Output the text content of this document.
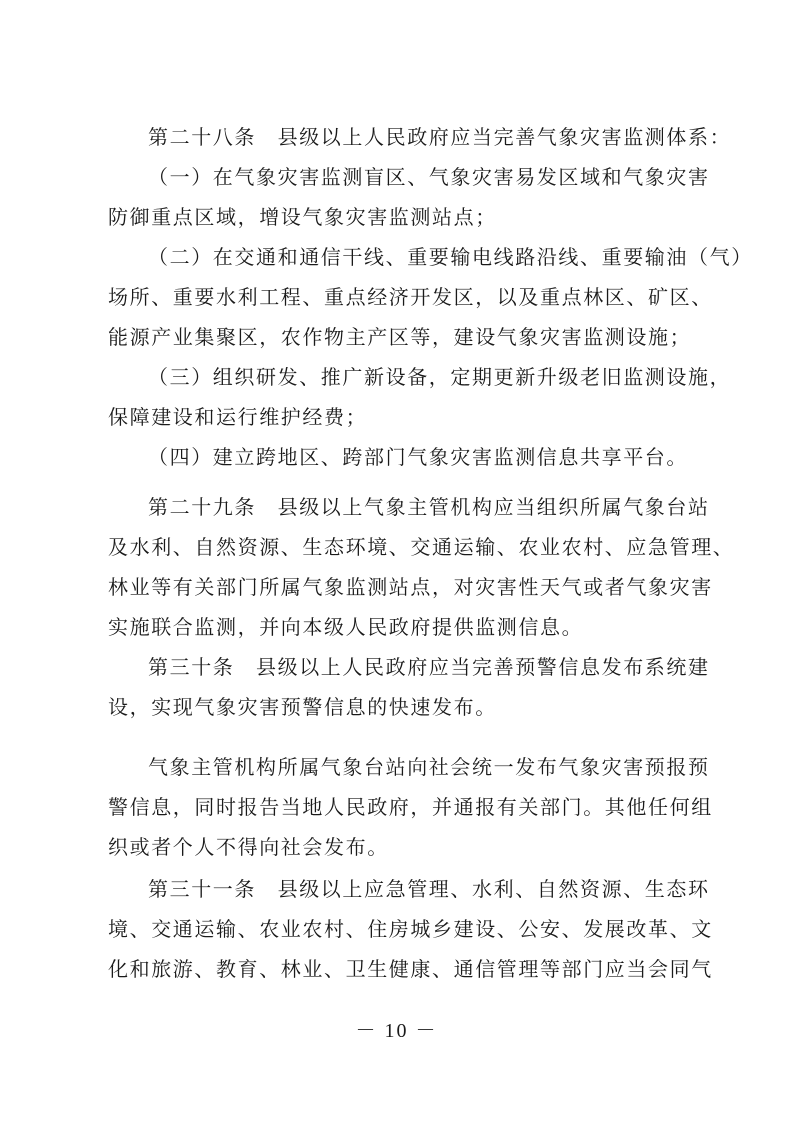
第二十八条　县级以上人民政府应当完善气象灾害监测体系：
（一）在气象灾害监测盲区、气象灾害易发区域和气象灾害
防御重点区域，增设气象灾害监测站点；
（二）在交通和通信干线、重要输电线路沿线、重要输油（气）
场所、重要水利工程、重点经济开发区，以及重点林区、矿区、
能源产业集聚区，农作物主产区等，建设气象灾害监测设施；
（三）组织研发、推广新设备，定期更新升级老旧监测设施，
保障建设和运行维护经费；
（四）建立跨地区、跨部门气象灾害监测信息共享平台。
第二十九条　县级以上气象主管机构应当组织所属气象台站
及水利、自然资源、生态环境、交通运输、农业农村、应急管理、
林业等有关部门所属气象监测站点，对灾害性天气或者气象灾害
实施联合监测，并向本级人民政府提供监测信息。
第三十条　县级以上人民政府应当完善预警信息发布系统建
设，实现气象灾害预警信息的快速发布。
气象主管机构所属气象台站向社会统一发布气象灾害预报预
警信息，同时报告当地人民政府，并通报有关部门。其他任何组
织或者个人不得向社会发布。
第三十一条　县级以上应急管理、水利、自然资源、生态环
境、交通运输、农业农村、住房城乡建设、公安、发展改革、文
化和旅游、教育、林业、卫生健康、通信管理等部门应当会同气
－ 10 －
